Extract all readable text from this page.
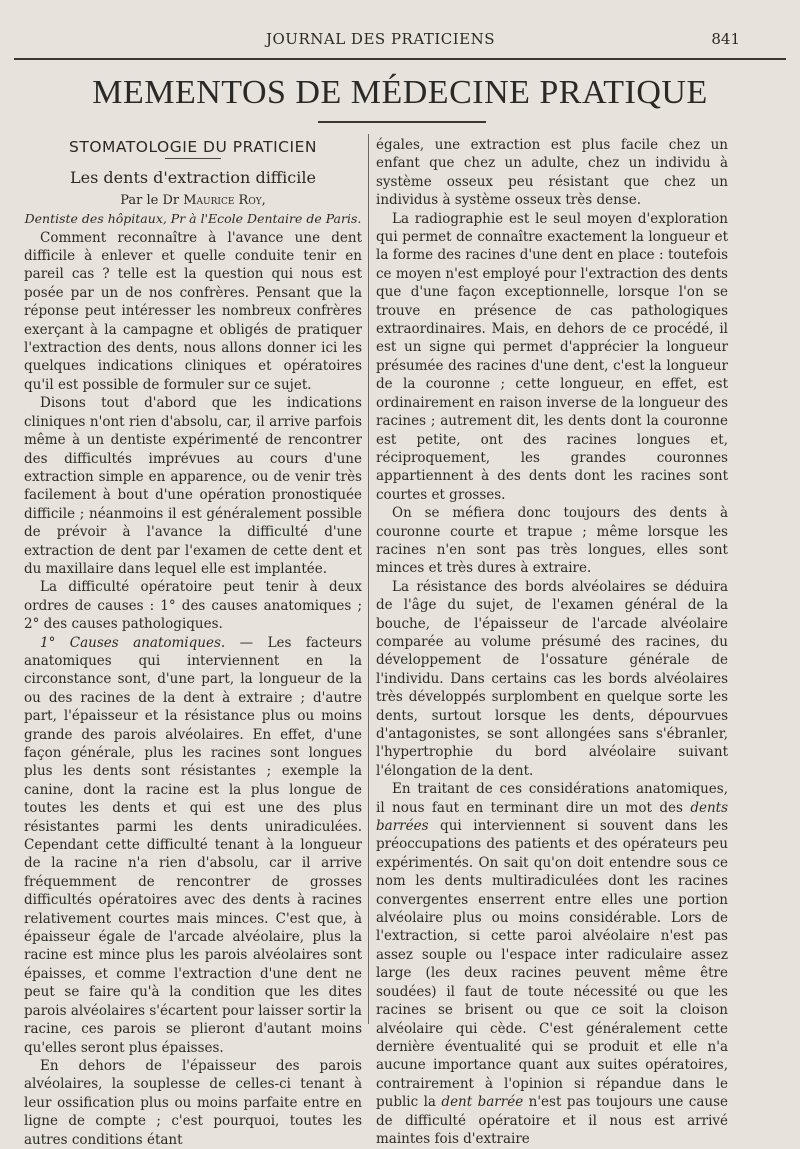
JOURNAL DES PRATICIENS	841
MEMENTOS DE MÉDECINE PRATIQUE
STOMATOLOGIE DU PRATICIEN
Les dents d'extraction difficile

Par le Dr Maurice Roy,

Dentiste des hôpitaux, Pr à l'Ecole Dentaire de Paris.

Comment reconnaître à l'avance une dent difficile à enlever et quelle conduite tenir en pareil cas ? telle est la question qui nous est posée par un de nos confrères. Pensant que la réponse peut intéresser les nombreux confrères exerçant à la campagne et obligés de pratiquer l'extraction des dents, nous allons donner ici les quelques indications cliniques et opératoires qu'il est possible de formuler sur ce sujet.

Disons tout d'abord que les indications cliniques n'ont rien d'absolu, car, il arrive parfois même à un dentiste expérimenté de rencontrer des difficultés imprévues au cours d'une extraction simple en apparence, ou de venir très facilement à bout d'une opération pronostiquée difficile ; néanmoins il est généralement possible de prévoir à l'avance la difficulté d'une extraction de dent par l'examen de cette dent et du maxillaire dans lequel elle est implantée.

La difficulté opératoire peut tenir à deux ordres de causes : 1° des causes anatomiques ; 2° des causes pathologiques.

1° Causes anatomiques. — Les facteurs anatomiques qui interviennent en la circonstance sont, d'une part, la longueur de la ou des racines de la dent à extraire ; d'autre part, l'épaisseur et la résistance plus ou moins grande des parois alvéolaires. En effet, d'une façon générale, plus les racines sont longues plus les dents sont résistantes ; exemple la canine, dont la racine est la plus longue de toutes les dents et qui est une des plus résistantes parmi les dents uniradiculées. Cependant cette difficulté tenant à la longueur de la racine n'a rien d'absolu, car il arrive fréquemment de rencontrer de grosses difficultés opératoires avec des dents à racines relativement courtes mais minces. C'est que, à épaisseur égale de l'arcade alvéolaire, plus la racine est mince plus les parois alvéolaires sont épaisses, et comme l'extraction d'une dent ne peut se faire qu'à la condition que les dites parois alvéolaires s'écartent pour laisser sortir la racine, ces parois se plieront d'autant moins qu'elles seront plus épaisses.

En dehors de l'épaisseur des parois alvéolaires, la souplesse de celles-ci tenant à leur ossification plus ou moins parfaite entre en ligne de compte ; c'est pourquoi, toutes les autres conditions étant

égales, une extraction est plus facile chez un enfant que chez un adulte, chez un individu à système osseux peu résistant que chez un individus à système osseux très dense.

La radiographie est le seul moyen d'exploration qui permet de connaître exactement la longueur et la forme des racines d'une dent en place : toutefois ce moyen n'est employé pour l'extraction des dents que d'une façon exceptionnelle, lorsque l'on se trouve en présence de cas pathologiques extraordinaires. Mais, en dehors de ce procédé, il est un signe qui permet d'apprécier la longueur présumée des racines d'une dent, c'est la longueur de la couronne ; cette longueur, en effet, est ordinairement en raison inverse de la longueur des racines ; autrement dit, les dents dont la couronne est petite, ont des racines longues et, réciproquement, les grandes couronnes appartiennent à des dents dont les racines sont courtes et grosses.

On se méfiera donc toujours des dents à couronne courte et trapue ; même lorsque les racines n'en sont pas très longues, elles sont minces et très dures à extraire.

La résistance des bords alvéolaires se déduira de l'âge du sujet, de l'examen général de la bouche, de l'épaisseur de l'arcade alvéolaire comparée au volume présumé des racines, du développement de l'ossature générale de l'individu. Dans certains cas les bords alvéolaires très développés surplombent en quelque sorte les dents, surtout lorsque les dents, dépourvues d'antagonistes, se sont allongées sans s'ébranler, l'hypertrophie du bord alvéolaire suivant l'élongation de la dent.

En traitant de ces considérations anatomiques, il nous faut en terminant dire un mot des dents barrées qui interviennent si souvent dans les préoccupations des patients et des opérateurs peu expérimentés. On sait qu'on doit entendre sous ce nom les dents multiradiculées dont les racines convergentes enserrent entre elles une portion alvéolaire plus ou moins considérable. Lors de l'extraction, si cette paroi alvéolaire n'est pas assez souple ou l'espace inter radiculaire assez large (les deux racines peuvent même être soudées) il faut de toute nécessité ou que les racines se brisent ou que ce soit la cloison alvéolaire qui cède. C'est généralement cette dernière éventualité qui se produit et elle n'a aucune importance quant aux suites opératoires, contrairement à l'opinion si répandue dans le public la dent barrée n'est pas toujours une cause de difficulté opératoire et il nous est arrivé maintes fois d'extraire
